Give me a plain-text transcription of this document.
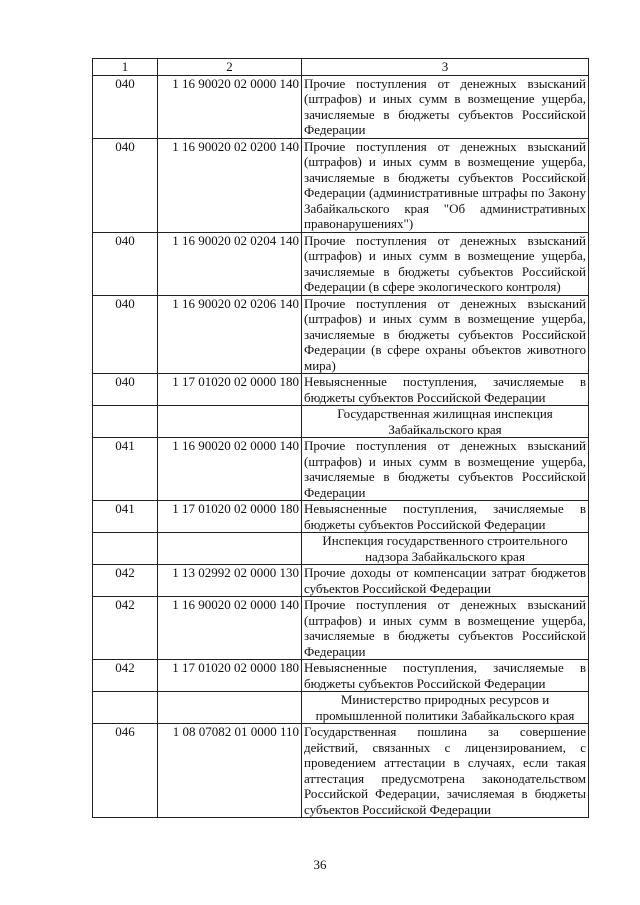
1	2	3
040	1 16 90020 02 0000 140	Прочие поступления от денежных взысканий (штрафов) и иных сумм в возмещение ущерба, зачисляемые в бюджеты субъектов Российской Федерации
040	1 16 90020 02 0200 140	Прочие поступления от денежных взысканий (штрафов) и иных сумм в возмещение ущерба, зачисляемые в бюджеты субъектов Российской Федерации (административные штрафы по Закону Забайкальского края "Об административных правонарушениях")
040	1 16 90020 02 0204 140	Прочие поступления от денежных взысканий (штрафов) и иных сумм в возмещение ущерба, зачисляемые в бюджеты субъектов Российской Федерации (в сфере экологического контроля)
040	1 16 90020 02 0206 140	Прочие поступления от денежных взысканий (штрафов) и иных сумм в возмещение ущерба, зачисляемые в бюджеты субъектов Российской Федерации (в сфере охраны объектов животного мира)
040	1 17 01020 02 0000 180	Невыясненные поступления, зачисляемые в бюджеты субъектов Российской Федерации
		Государственная жилищная инспекция Забайкальского края
041	1 16 90020 02 0000 140	Прочие поступления от денежных взысканий (штрафов) и иных сумм в возмещение ущерба, зачисляемые в бюджеты субъектов Российской Федерации
041	1 17 01020 02 0000 180	Невыясненные поступления, зачисляемые в бюджеты субъектов Российской Федерации
		Инспекция государственного строительного надзора Забайкальского края
042	1 13 02992 02 0000 130	Прочие доходы от компенсации затрат бюджетов субъектов Российской Федерации
042	1 16 90020 02 0000 140	Прочие поступления от денежных взысканий (штрафов) и иных сумм в возмещение ущерба, зачисляемые в бюджеты субъектов Российской Федерации
042	1 17 01020 02 0000 180	Невыясненные поступления, зачисляемые в бюджеты субъектов Российской Федерации
		Министерство природных ресурсов и промышленной политики Забайкальского края
046	1 08 07082 01 0000 110	Государственная пошлина за совершение действий, связанных с лицензированием, с проведением аттестации в случаях, если такая аттестация предусмотрена законодательством Российской Федерации, зачисляемая в бюджеты субъектов Российской Федерации
36
